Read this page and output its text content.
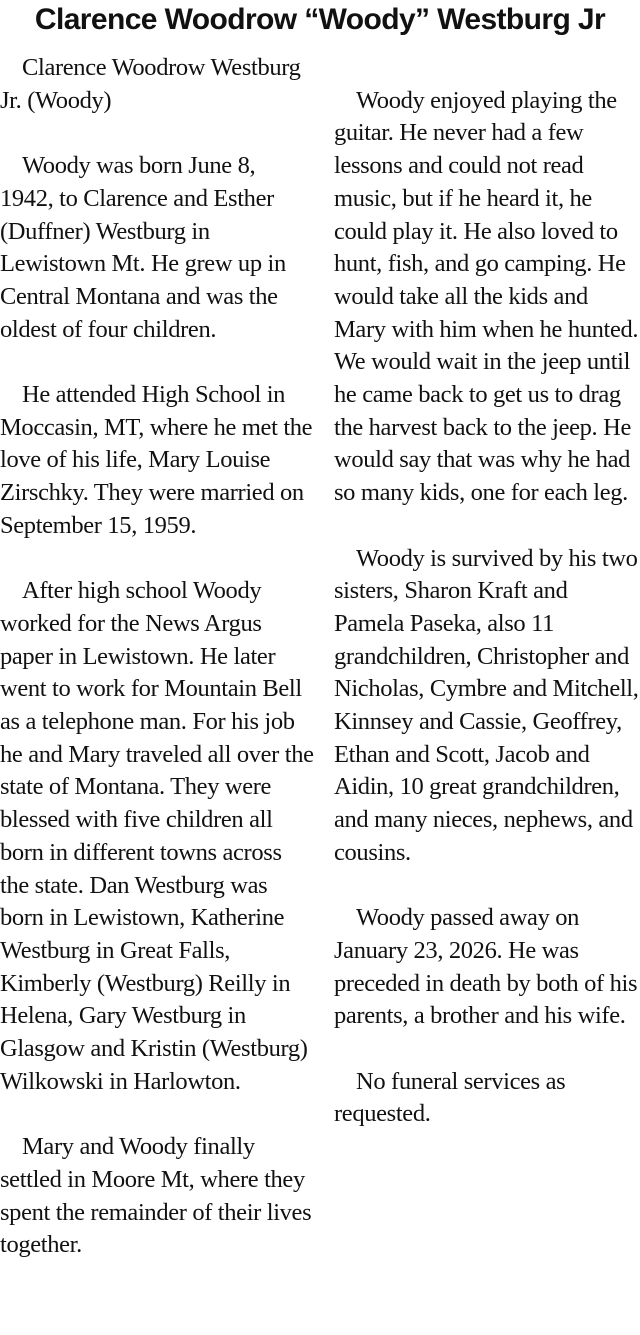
Clarence Woodrow “Woody” Westburg Jr

Clarence Woodrow Westburg Jr. (Woody)

Woody was born June 8, 1942, to Clarence and Esther (Duffner) Westburg in Lewistown Mt. He grew up in Central Montana and was the oldest of four children.

He attended High School in Moccasin, MT, where he met the love of his life, Mary Louise Zirschky. They were married on September 15, 1959.

After high school Woody worked for the News Argus paper in Lewistown. He later went to work for Mountain Bell as a telephone man. For his job he and Mary traveled all over the state of Montana. They were blessed with five children all born in different towns across the state. Dan Westburg was born in Lewistown, Katherine Westburg in Great Falls, Kimberly (Westburg) Reilly in Helena, Gary Westburg in Glasgow and Kristin (Westburg) Wilkowski in Harlowton.

Mary and Woody finally settled in Moore Mt, where they spent the remainder of their lives together.

Woody enjoyed playing the guitar. He never had a few lessons and could not read music, but if he heard it, he could play it. He also loved to hunt, fish, and go camping. He would take all the kids and Mary with him when he hunted. We would wait in the jeep until he came back to get us to drag the harvest back to the jeep. He would say that was why he had so many kids, one for each leg.

Woody is survived by his two sisters, Sharon Kraft and Pamela Paseka, also 11 grandchildren, Christopher and Nicholas, Cymbre and Mitchell, Kinnsey and Cassie, Geoffrey, Ethan and Scott, Jacob and Aidin, 10 great grandchildren, and many nieces, nephews, and cousins.

Woody passed away on January 23, 2026. He was preceded in death by both of his parents, a brother and his wife.

No funeral services as requested.
